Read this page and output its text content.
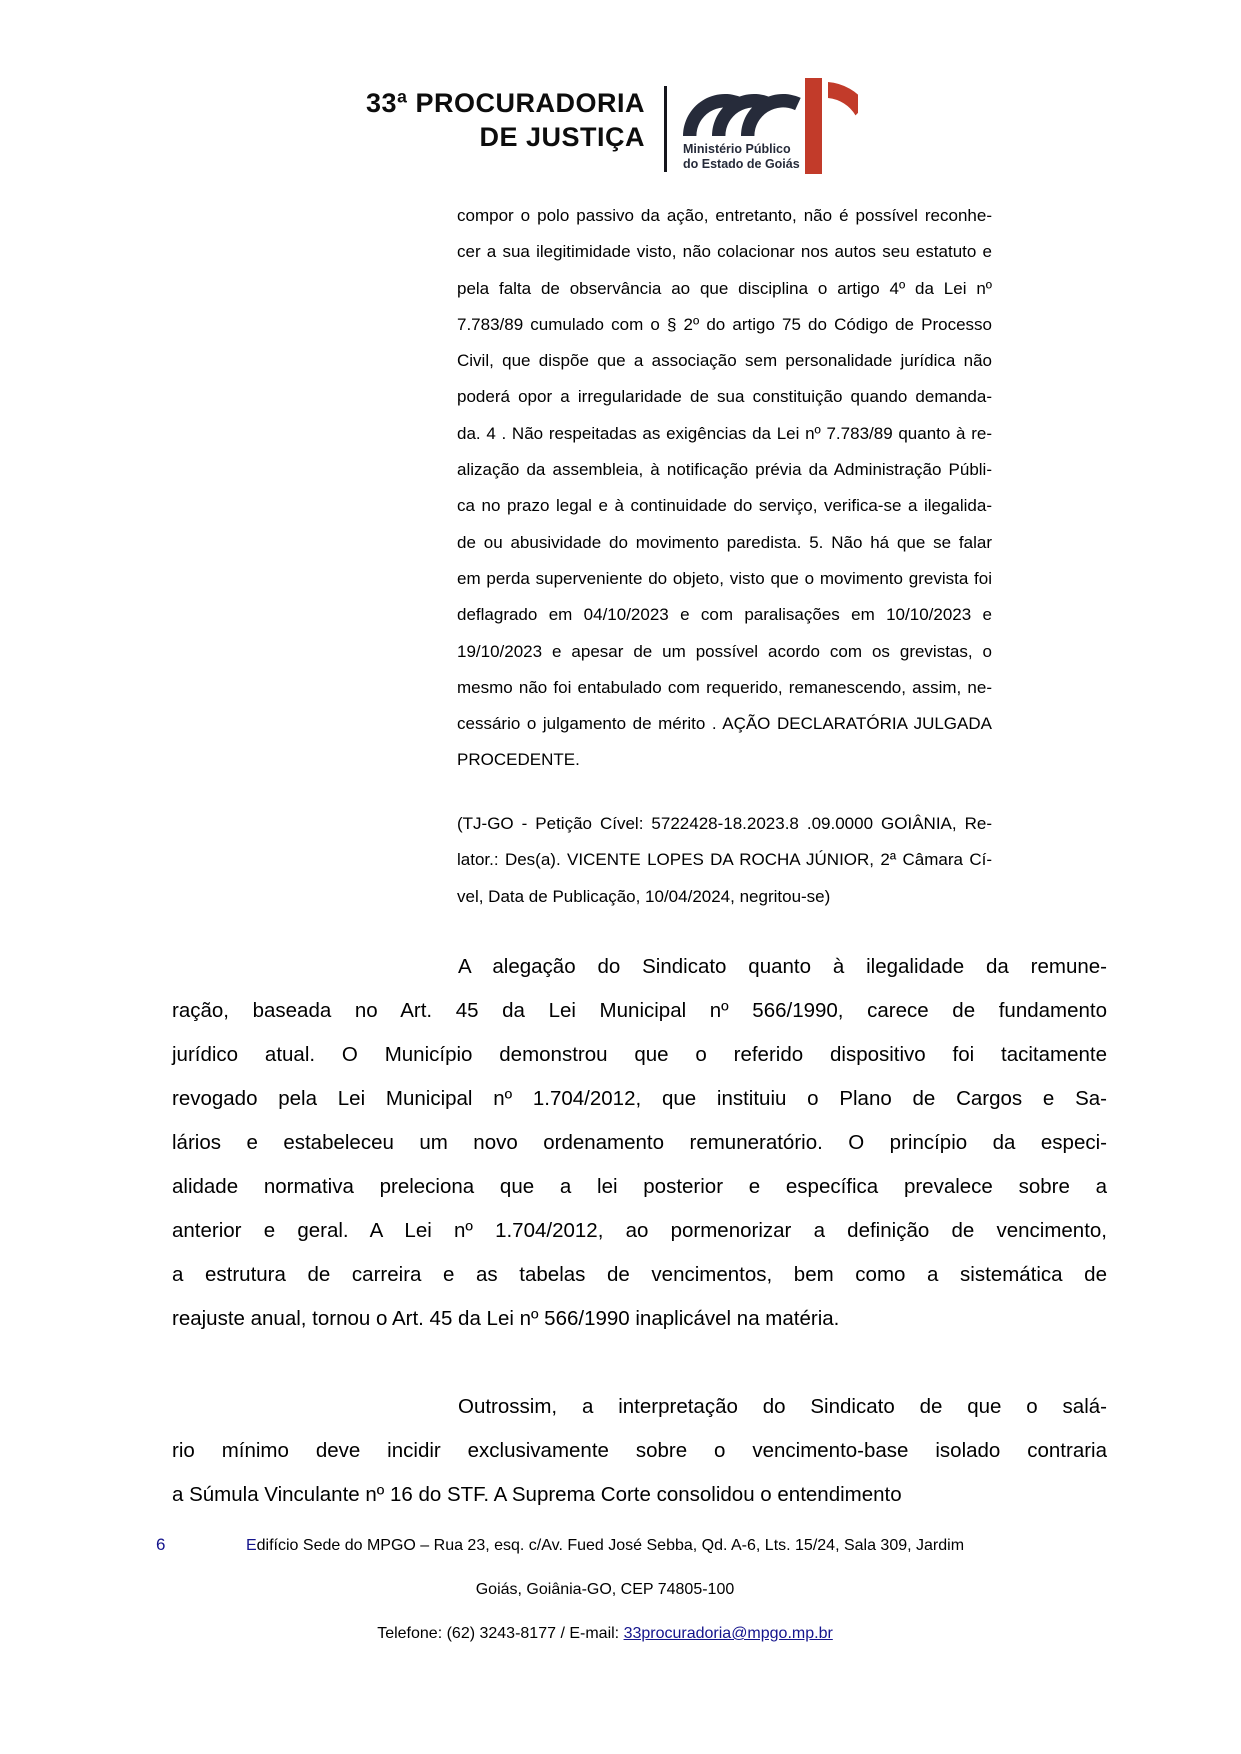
33ª PROCURADORIA
DE JUSTIÇA	Ministério Público
do Estado de Goiás
compor o polo passivo da ação, entretanto, não é possível reconhe-
cer a sua ilegitimidade visto, não colacionar nos autos seu estatuto e
pela falta de observância ao que disciplina o artigo 4º da Lei nº
7.783/89 cumulado com o § 2º do artigo 75 do Código de Processo
Civil, que dispõe que a associação sem personalidade jurídica não
poderá opor a irregularidade de sua constituição quando demanda-
da. 4 . Não respeitadas as exigências da Lei nº 7.783/89 quanto à re-
alização da assembleia, à notificação prévia da Administração Públi-
ca no prazo legal e à continuidade do serviço, verifica-se a ilegalida-
de ou abusividade do movimento paredista. 5. Não há que se falar
em perda superveniente do objeto, visto que o movimento grevista foi
deflagrado em 04/10/2023 e com paralisações em 10/10/2023 e
19/10/2023 e apesar de um possível acordo com os grevistas, o
mesmo não foi entabulado com requerido, remanescendo, assim, ne-
cessário o julgamento de mérito . AÇÃO DECLARATÓRIA JULGADA
PROCEDENTE.
(TJ-GO - Petição Cível: 5722428-18.2023.8 .09.0000 GOIÂNIA, Re-
lator.: Des(a). VICENTE LOPES DA ROCHA JÚNIOR, 2ª Câmara Cí-
vel, Data de Publicação, 10/04/2024, negritou-se)
A alegação do Sindicato quanto à ilegalidade da remune-
ração, baseada no Art. 45 da Lei Municipal nº 566/1990, carece de fundamento
jurídico atual. O Município demonstrou que o referido dispositivo foi tacitamente
revogado pela Lei Municipal nº 1.704/2012, que instituiu o Plano de Cargos e Sa-
lários e estabeleceu um novo ordenamento remuneratório. O princípio da especi-
alidade normativa preleciona que a lei posterior e específica prevalece sobre a
anterior e geral. A Lei nº 1.704/2012, ao pormenorizar a definição de vencimento,
a estrutura de carreira e as tabelas de vencimentos, bem como a sistemática de
reajuste anual, tornou o Art. 45 da Lei nº 566/1990 inaplicável na matéria.
Outrossim, a interpretação do Sindicato de que o salá-
rio mínimo deve incidir exclusivamente sobre o vencimento-base isolado contraria
a Súmula Vinculante nº 16 do STF. A Suprema Corte consolidou o entendimento
6	Edifício Sede do MPGO – Rua 23, esq. c/Av. Fued José Sebba, Qd. A-6, Lts. 15/24, Sala 309, Jardim
Goiás, Goiânia-GO, CEP 74805-100
Telefone: (62) 3243-8177 / E-mail: 33procuradoria@mpgo.mp.br
